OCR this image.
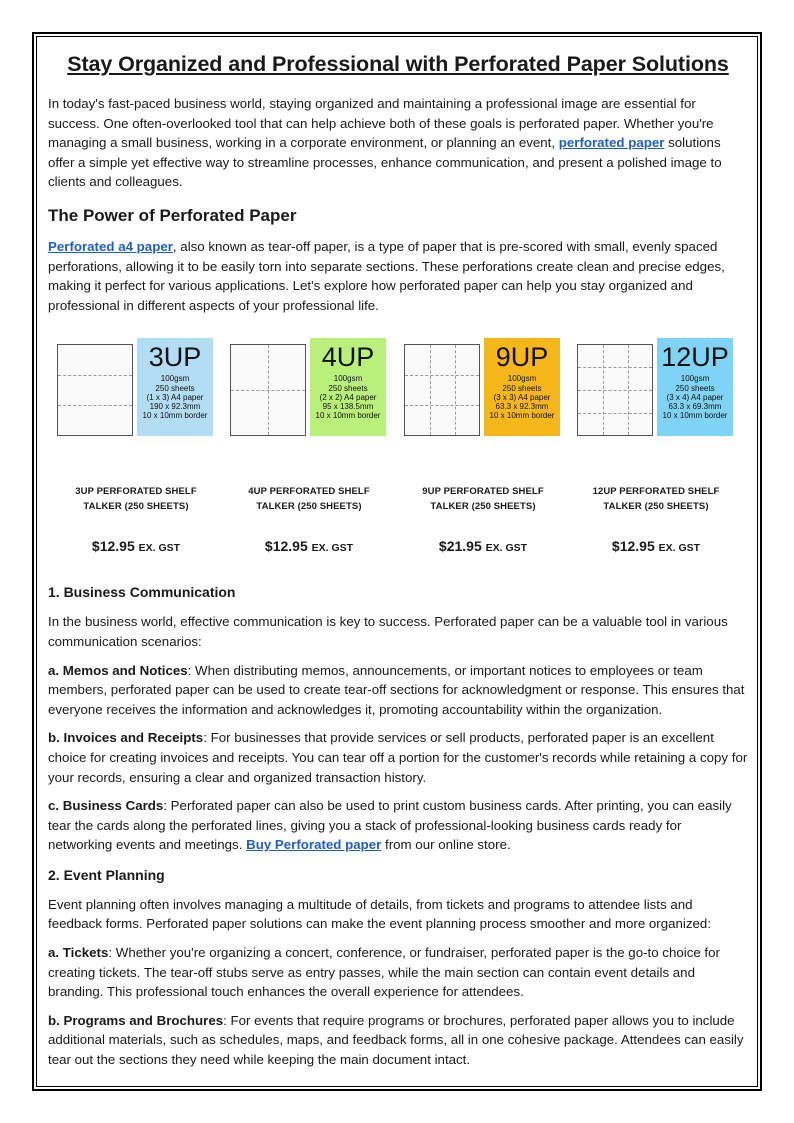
Stay Organized and Professional with Perforated Paper Solutions

In today's fast-paced business world, staying organized and maintaining a professional image are essential for success. One often-overlooked tool that can help achieve both of these goals is perforated paper. Whether you're managing a small business, working in a corporate environment, or planning an event, perforated paper solutions offer a simple yet effective way to streamline processes, enhance communication, and present a polished image to clients and colleagues.

The Power of Perforated Paper

Perforated a4 paper, also known as tear-off paper, is a type of paper that is pre-scored with small, evenly spaced perforations, allowing it to be easily torn into separate sections. These perforations create clean and precise edges, making it perfect for various applications. Let's explore how perforated paper can help you stay organized and professional in different aspects of your professional life.

3UP
100gsm
250 sheets
(1 x 3) A4 paper
190 x 92.3mm
10 x 10mm border
3UP PERFORATED SHELF
TALKER (250 SHEETS)
$12.95 EX. GST
4UP
100gsm
250 sheets
(2 x 2) A4 paper
95 x 138.5mm
10 x 10mm border
4UP PERFORATED SHELF
TALKER (250 SHEETS)
$12.95 EX. GST
9UP
100gsm
250 sheets
(3 x 3) A4 paper
63.3 x 92.3mm
10 x 10mm border
9UP PERFORATED SHELF
TALKER (250 SHEETS)
$21.95 EX. GST
12UP
100gsm
250 sheets
(3 x 4) A4 paper
63.3 x 69.3mm
10 x 10mm border
12UP PERFORATED SHELF
TALKER (250 SHEETS)
$12.95 EX. GST
1. Business Communication

In the business world, effective communication is key to success. Perforated paper can be a valuable tool in various communication scenarios:

a. Memos and Notices: When distributing memos, announcements, or important notices to employees or team members, perforated paper can be used to create tear-off sections for acknowledgment or response. This ensures that everyone receives the information and acknowledges it, promoting accountability within the organization.

b. Invoices and Receipts: For businesses that provide services or sell products, perforated paper is an excellent choice for creating invoices and receipts. You can tear off a portion for the customer's records while retaining a copy for your records, ensuring a clear and organized transaction history.

c. Business Cards: Perforated paper can also be used to print custom business cards. After printing, you can easily tear the cards along the perforated lines, giving you a stack of professional-looking business cards ready for networking events and meetings. Buy Perforated paper from our online store.

2. Event Planning

Event planning often involves managing a multitude of details, from tickets and programs to attendee lists and feedback forms. Perforated paper solutions can make the event planning process smoother and more organized:

a. Tickets: Whether you're organizing a concert, conference, or fundraiser, perforated paper is the go-to choice for creating tickets. The tear-off stubs serve as entry passes, while the main section can contain event details and branding. This professional touch enhances the overall experience for attendees.

b. Programs and Brochures: For events that require programs or brochures, perforated paper allows you to include additional materials, such as schedules, maps, and feedback forms, all in one cohesive package. Attendees can easily tear out the sections they need while keeping the main document intact.
